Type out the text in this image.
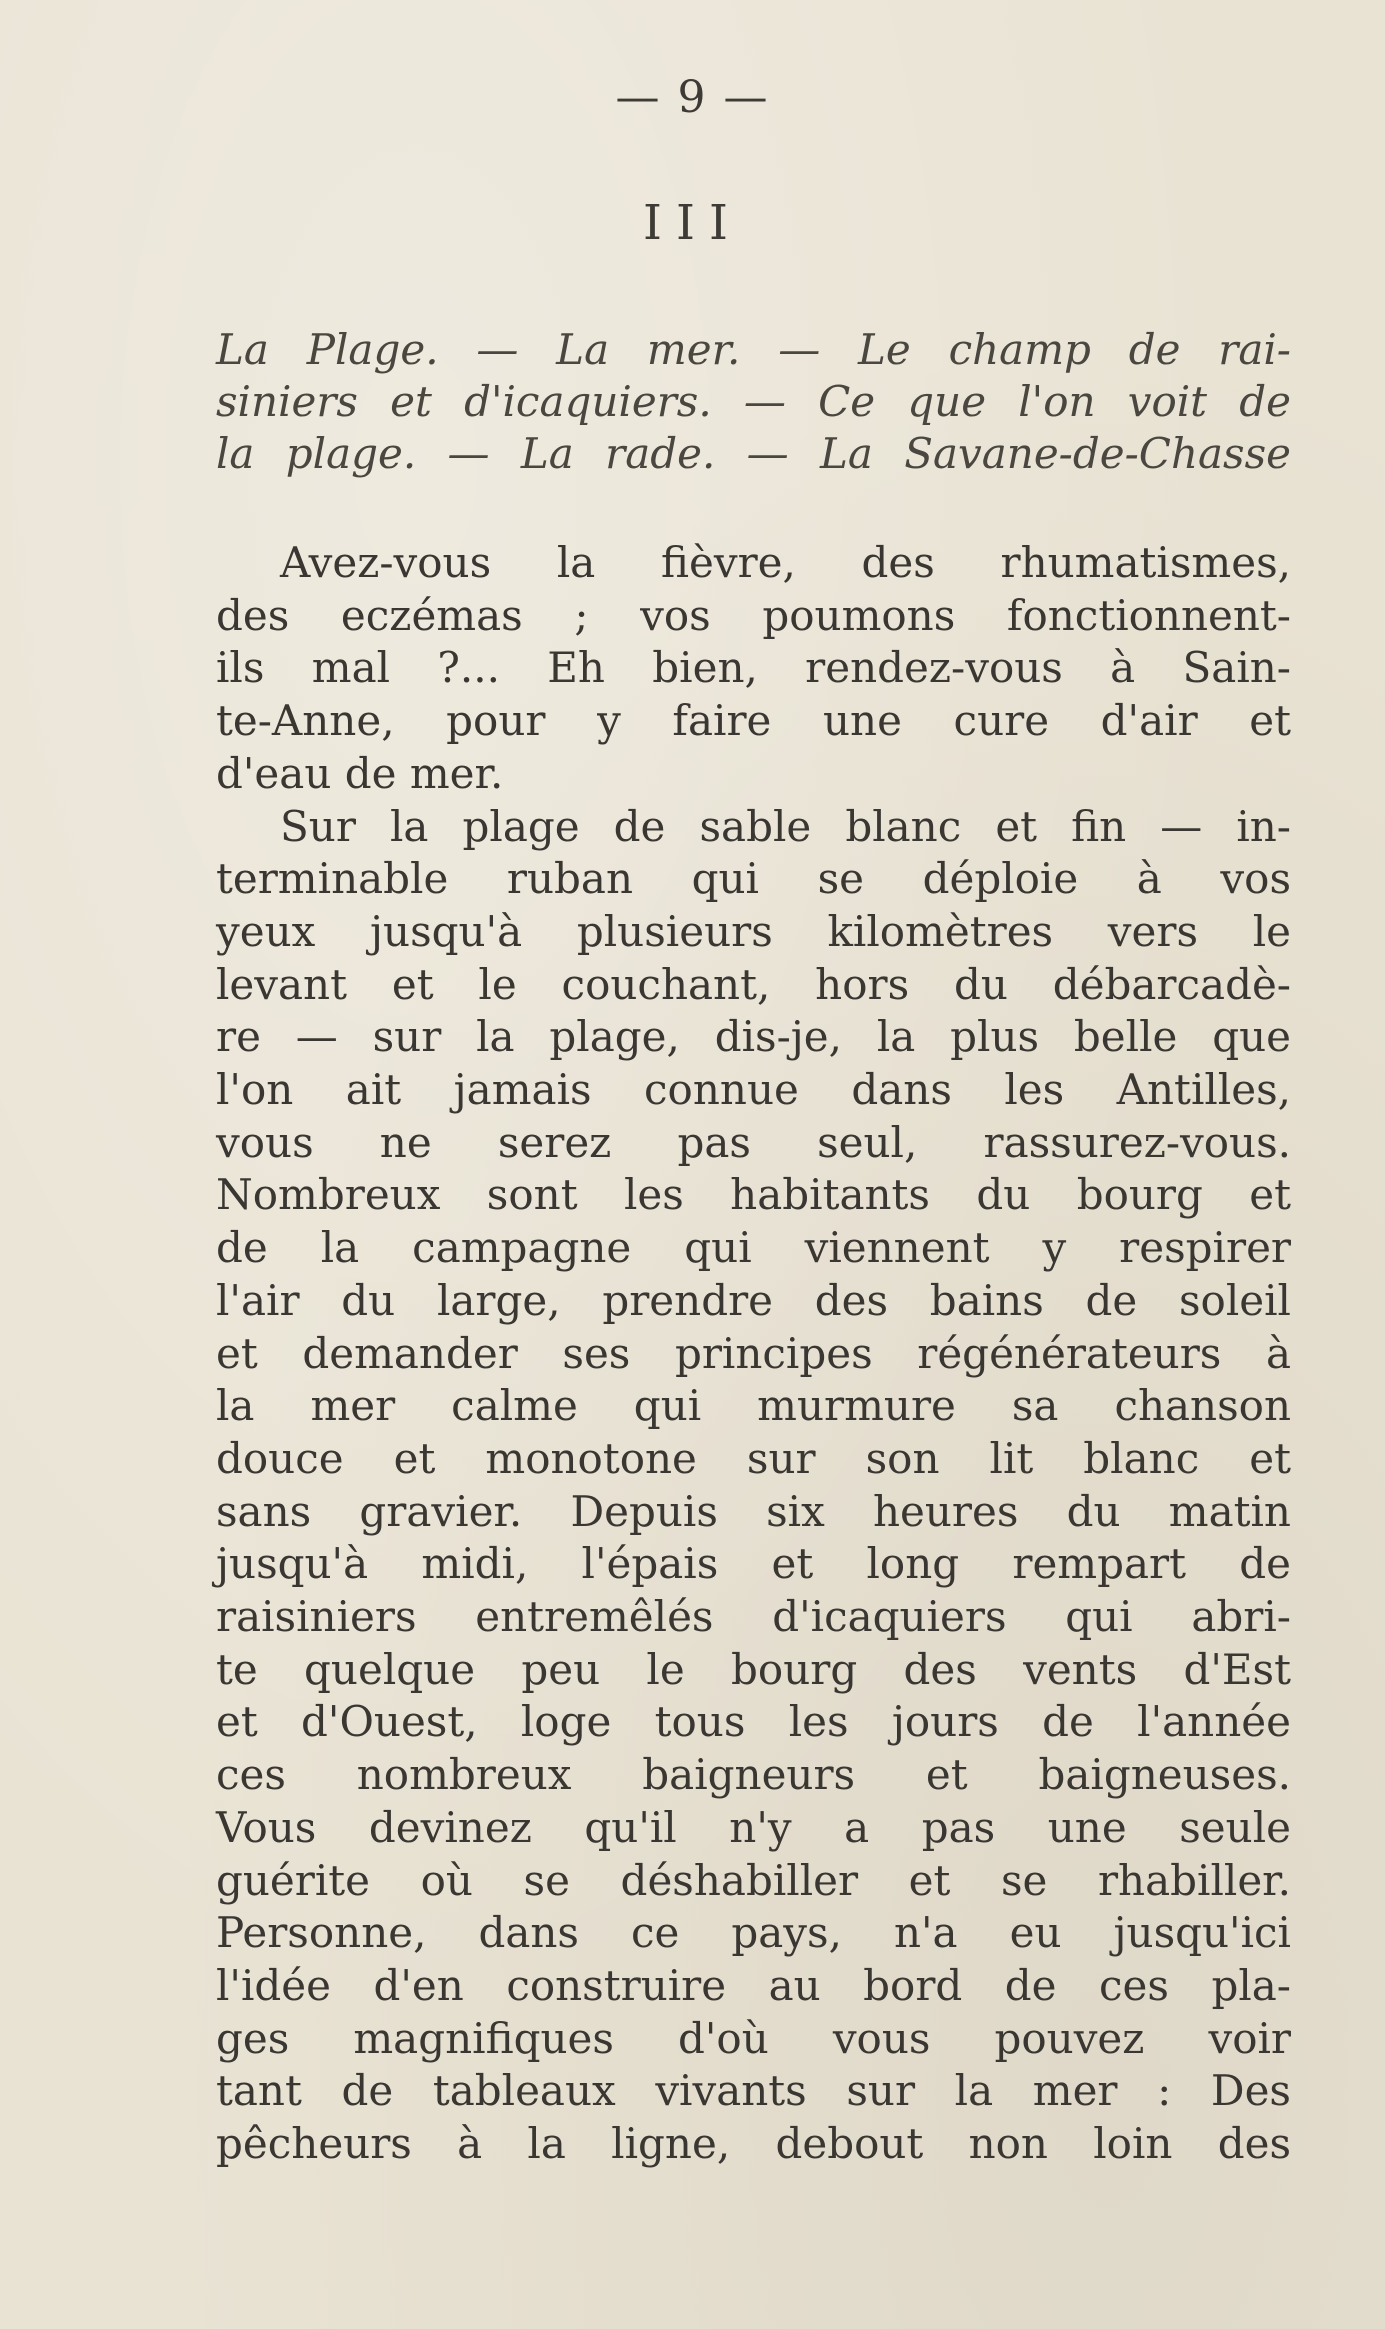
— 9 —
III
La Plage. — La mer. — Le champ de rai-
siniers et d'icaquiers. — Ce que l'on voit de
la plage. — La rade. — La Savane-de-Chasse
Avez-vous la fièvre, des rhumatismes,
des eczémas ; vos poumons fonctionnent-
ils mal ?... Eh bien, rendez-vous à Sain-
te-Anne, pour y faire une cure d'air et
d'eau de mer.
Sur la plage de sable blanc et fin — in-
terminable ruban qui se déploie à vos
yeux jusqu'à plusieurs kilomètres vers le
levant et le couchant, hors du débarcadè-
re — sur la plage, dis-je, la plus belle que
l'on ait jamais connue dans les Antilles,
vous ne serez pas seul, rassurez-vous.
Nombreux sont les habitants du bourg et
de la campagne qui viennent y respirer
l'air du large, prendre des bains de soleil
et demander ses principes régénérateurs à
la mer calme qui murmure sa chanson
douce et monotone sur son lit blanc et
sans gravier. Depuis six heures du matin
jusqu'à midi, l'épais et long rempart de
raisiniers entremêlés d'icaquiers qui abri-
te quelque peu le bourg des vents d'Est
et d'Ouest, loge tous les jours de l'année
ces nombreux baigneurs et baigneuses.
Vous devinez qu'il n'y a pas une seule
guérite où se déshabiller et se rhabiller.
Personne, dans ce pays, n'a eu jusqu'ici
l'idée d'en construire au bord de ces pla-
ges magnifiques d'où vous pouvez voir
tant de tableaux vivants sur la mer : Des
pêcheurs à la ligne, debout non loin des
